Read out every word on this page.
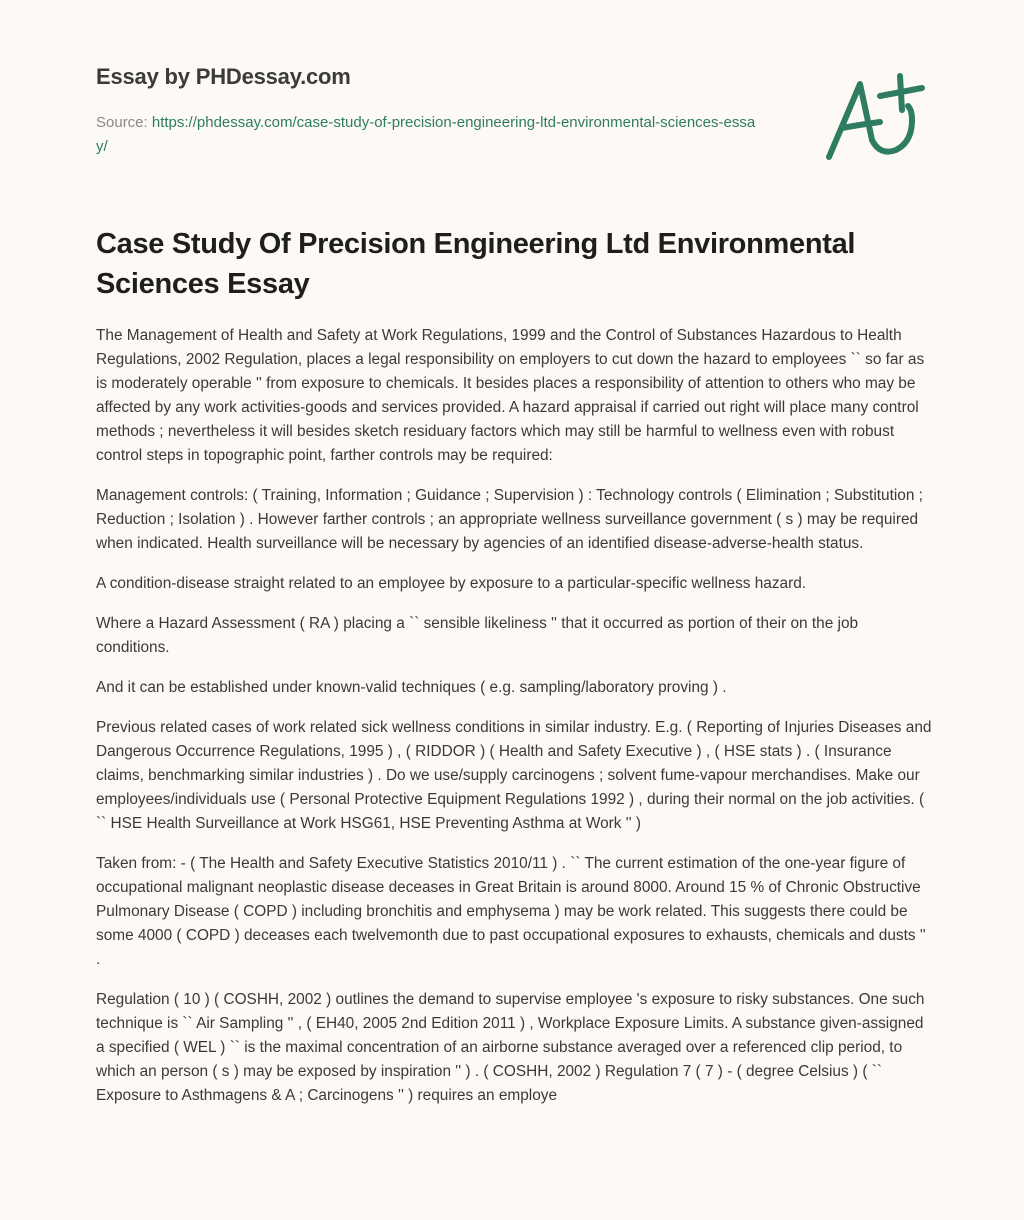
Essay by PHDessay.com
Source: https://phdessay.com/case-study-of-precision-engineering-ltd-environmental-sciences-essay/
Case Study Of Precision Engineering Ltd Environmental Sciences Essay

The Management of Health and Safety at Work Regulations, 1999 and the Control of Substances Hazardous to Health Regulations, 2002 Regulation, places a legal responsibility on employers to cut down the hazard to employees `` so far as is moderately operable '' from exposure to chemicals. It besides places a responsibility of attention to others who may be affected by any work activities-goods and services provided. A hazard appraisal if carried out right will place many control methods ; nevertheless it will besides sketch residuary factors which may still be harmful to wellness even with robust control steps in topographic point, farther controls may be required:

Management controls: ( Training, Information ; Guidance ; Supervision ) : Technology controls ( Elimination ; Substitution ; Reduction ; Isolation ) . However farther controls ; an appropriate wellness surveillance government ( s ) may be required when indicated. Health surveillance will be necessary by agencies of an identified disease-adverse-health status.

A condition-disease straight related to an employee by exposure to a particular-specific wellness hazard.

Where a Hazard Assessment ( RA ) placing a `` sensible likeliness '' that it occurred as portion of their on the job conditions.

And it can be established under known-valid techniques ( e.g. sampling/laboratory proving ) .

Previous related cases of work related sick wellness conditions in similar industry. E.g. ( Reporting of Injuries Diseases and Dangerous Occurrence Regulations, 1995 ) , ( RIDDOR ) ( Health and Safety Executive ) , ( HSE stats ) . ( Insurance claims, benchmarking similar industries ) . Do we use/supply carcinogens ; solvent fume-vapour merchandises. Make our employees/individuals use ( Personal Protective Equipment Regulations 1992 ) , during their normal on the job activities. ( `` HSE Health Surveillance at Work HSG61, HSE Preventing Asthma at Work '' )

Taken from: - ( The Health and Safety Executive Statistics 2010/11 ) . `` The current estimation of the one-year figure of occupational malignant neoplastic disease deceases in Great Britain is around 8000. Around 15 % of Chronic Obstructive Pulmonary Disease ( COPD ) including bronchitis and emphysema ) may be work related. This suggests there could be some 4000 ( COPD ) deceases each twelvemonth due to past occupational exposures to exhausts, chemicals and dusts '' .

Regulation ( 10 ) ( COSHH, 2002 ) outlines the demand to supervise employee 's exposure to risky substances. One such technique is `` Air Sampling '' , ( EH40, 2005 2nd Edition 2011 ) , Workplace Exposure Limits. A substance given-assigned a specified ( WEL ) `` is the maximal concentration of an airborne substance averaged over a referenced clip period, to which an person ( s ) may be exposed by inspiration '' ) . ( COSHH, 2002 ) Regulation 7 ( 7 ) - ( degree Celsius ) ( `` Exposure to Asthmagens & A ; Carcinogens '' ) requires an employe
